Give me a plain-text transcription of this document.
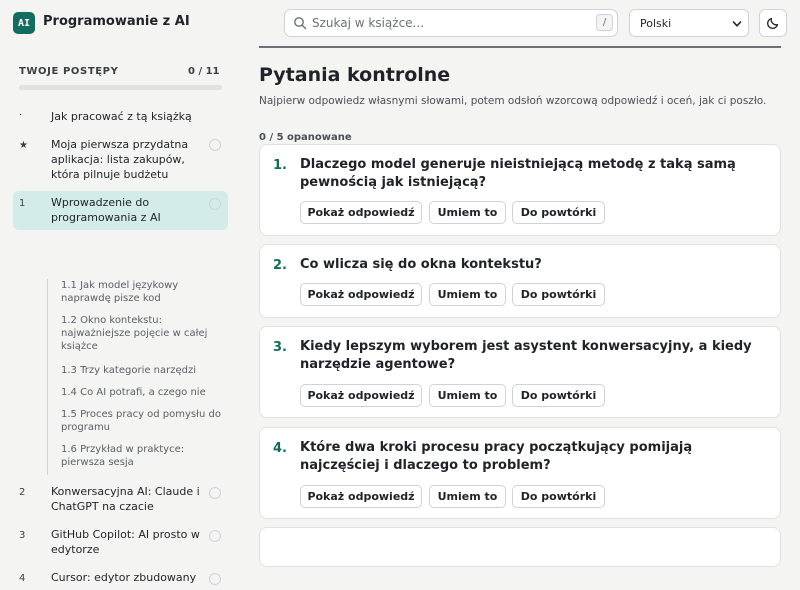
AI Programowanie z AI	Szukaj w książce...	/	Polski
TWOJE POSTĘPY	0 / 11
·	Jak pracować z tą książką
★ Moja pierwsza przydatna aplikacja: lista zakupów, która pilnuje budżetu
1 Wprowadzenie do programowania z AI
1.1 Jak model językowy naprawdę pisze kod
1.2 Okno kontekstu: najważniejsze pojęcie w całej książce
1.3 Trzy kategorie narzędzi
1.4 Co AI potrafi, a czego nie
1.5 Proces pracy od pomysłu do programu
1.6 Przykład w praktyce: pierwsza sesja
2 Konwersacyjna AI: Claude i ChatGPT na czacie
3 GitHub Copilot: AI prosto w edytorze
4 Cursor: edytor zbudowany
Pytania kontrolne

Najpierw odpowiedz własnymi słowami, potem odsłoń wzorcową odpowiedź i oceń, jak ci poszło.

0 / 5 opanowane
1. Dlaczego model generuje nieistniejącą metodę z taką samą pewnością jak istniejącą?
Pokaż odpowiedź	Umiem to	Do powtórki
2. Co wlicza się do okna kontekstu?
Pokaż odpowiedź	Umiem to	Do powtórki
3. Kiedy lepszym wyborem jest asystent konwersacyjny, a kiedy narzędzie agentowe?
Pokaż odpowiedź	Umiem to	Do powtórki
4. Które dwa kroki procesu pracy początkujący pomijają najczęściej i dlaczego to problem?
Pokaż odpowiedź	Umiem to	Do powtórki
